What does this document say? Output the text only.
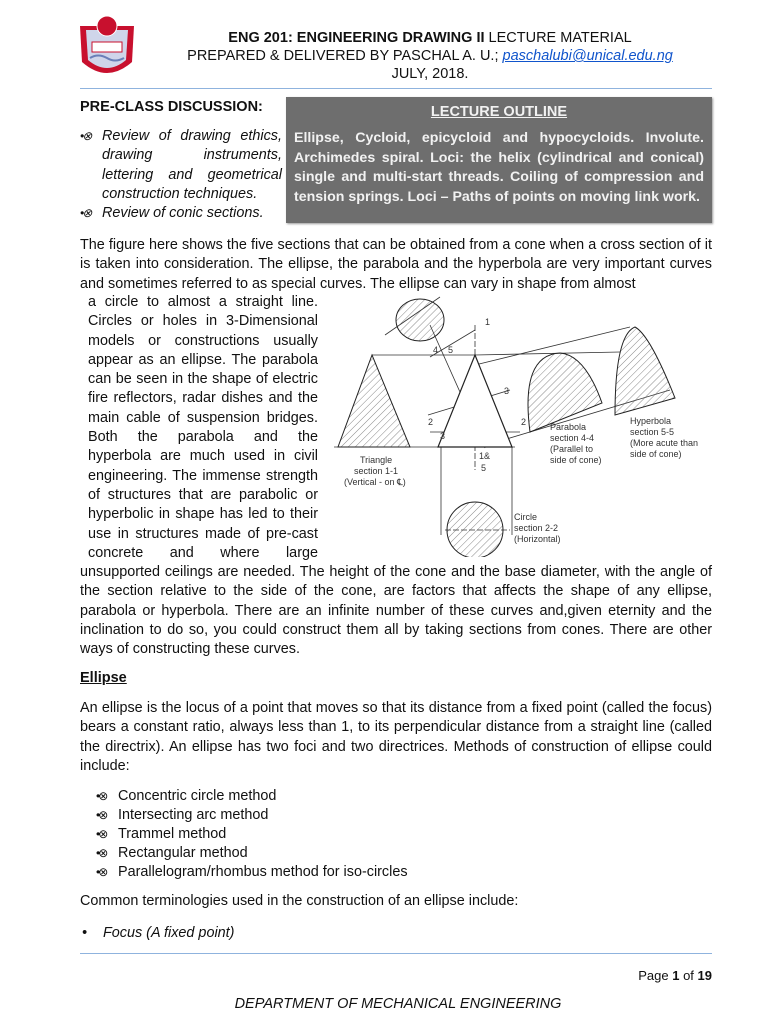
ENG 201: ENGINEERING DRAWING II LECTURE MATERIAL
PREPARED & DELIVERED BY PASCHAL A. U.; paschalubi@unical.edu.ng
JULY, 2018.
PRE-CLASS DISCUSSION:
•⊗ Review of drawing ethics, drawing instruments, lettering and geometrical construction techniques.
•⊗ Review of conic sections.
LECTURE OUTLINE
Ellipse, Cycloid, epicycloid and hypocycloids. Involute. Archimedes spiral. Loci: the helix (cylindrical and conical) single and multi-start threads. Coiling of compression and tension springs. Loci – Paths of points on moving link work.
The figure here shows the five sections that can be obtained from a cone when a cross section of it is taken into consideration. The ellipse, the parabola and the hyperbola are very important curves and sometimes referred to as special curves. The ellipse can vary in shape from almost
a circle to almost a straight line. Circles or holes in 3-Dimensional models or constructions usually appear as an ellipse. The parabola can be seen in the shape of electric fire reflectors, radar dishes and the main cable of suspension bridges. Both the parabola and the hyperbola are much used in civil engineering. The immense strength of structures that are parabolic or hyperbolic in shape has led to their use in structures made of pre-cast concrete and where large
unsupported ceilings are needed. The height of the cone and the base diameter, with the angle of the section relative to the side of the cone, are factors that affects the shape of any ellipse, parabola or hyperbola. There are an infinite number of these curves and,given eternity and the inclination to do so, you could construct them all by taking sections from cones. There are other ways of constructing these curves.
Triangle
section 1-1
(Vertical - on ℄)
Parabola
section 4-4
(Parallel to
side of cone)
Hyperbola
section 5-5
(More acute than
side of cone)
Circle
section 2-2
(Horizontal)
1
4 5
2	2
3
3
1&
5
Ellipse
An ellipse is the locus of a point that moves so that its distance from a fixed point (called the focus) bears a constant ratio, always less than 1, to its perpendicular distance from a straight line (called the directrix). An ellipse has two foci and two directrices. Methods of construction of ellipse could include:
•⊗ Concentric circle method
•⊗ Intersecting arc method
•⊗ Trammel method
•⊗ Rectangular method
•⊗ Parallelogram/rhombus method for iso-circles
Common terminologies used in the construction of an ellipse include:
•	Focus (A fixed point)
Page 1 of 19
DEPARTMENT OF MECHANICAL ENGINEERING
